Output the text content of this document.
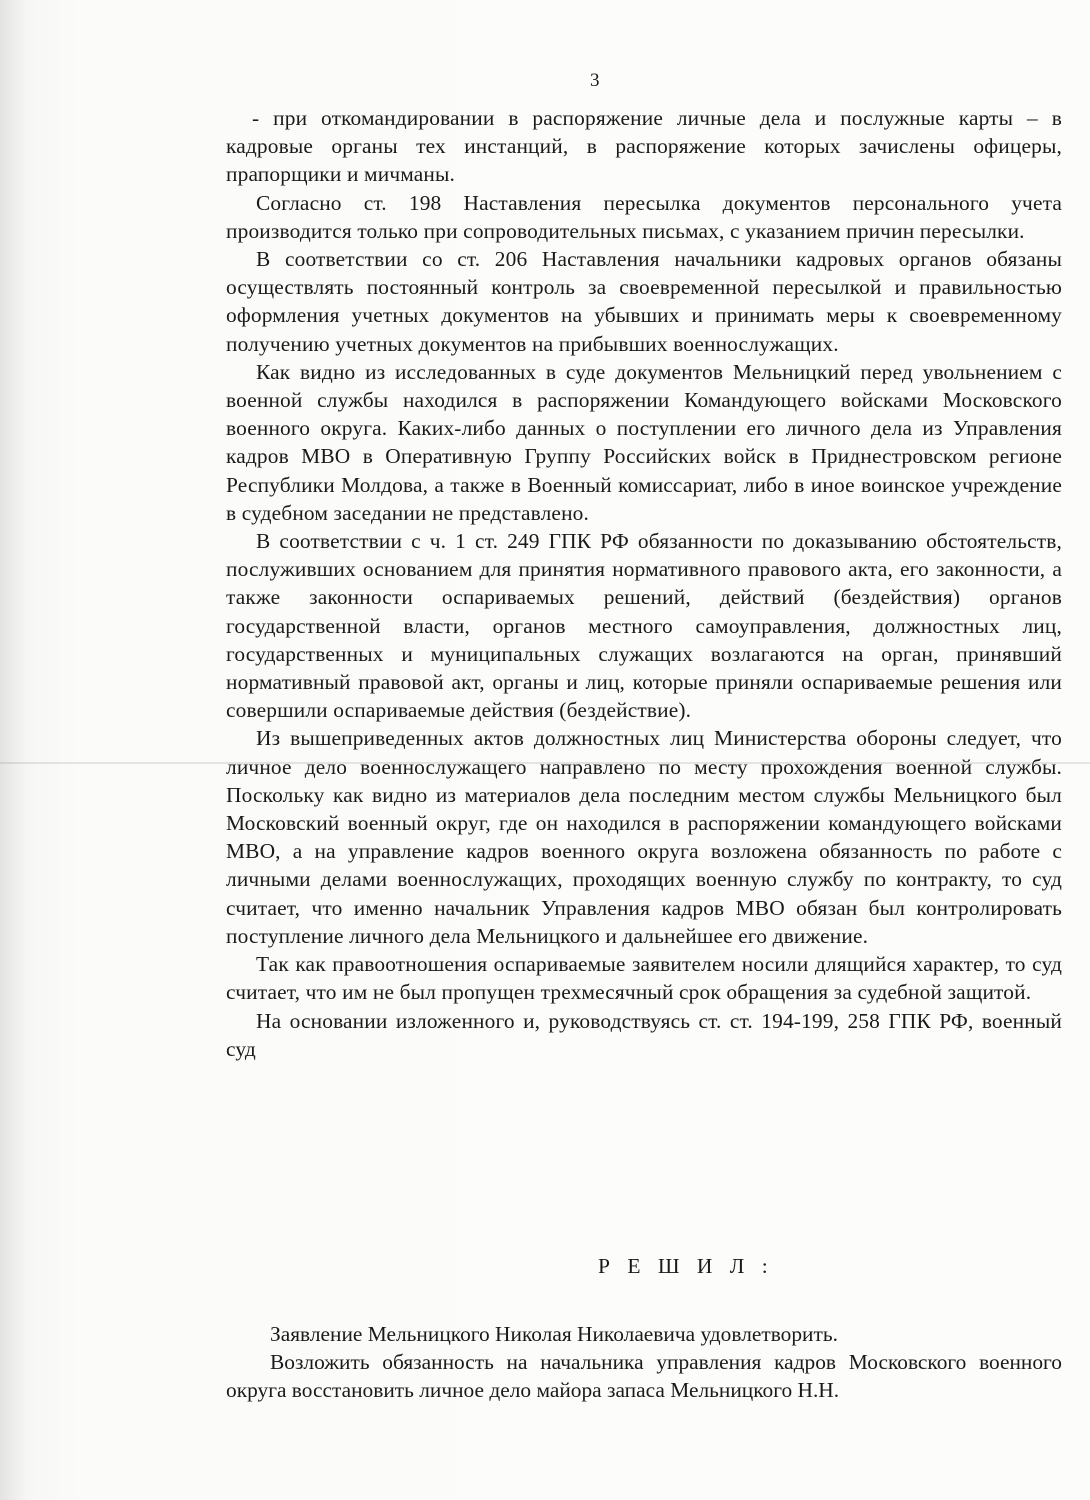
3

- при откомандировании в распоряжение личные дела и послужные карты – в кадровые органы тех инстанций, в распоряжение которых зачислены офицеры, прапорщики и мичманы.

Согласно ст. 198 Наставления пересылка документов персонального учета производится только при сопроводительных письмах, с указанием причин пересылки.

В соответствии со ст. 206 Наставления начальники кадровых органов обязаны осуществлять постоянный контроль за своевременной пересылкой и правильностью оформления учетных документов на убывших и принимать меры к своевременному получению учетных документов на прибывших военнослужащих.

Как видно из исследованных в суде документов Мельницкий перед увольнением с военной службы находился в распоряжении Командующего войсками Московского военного округа. Каких-либо данных о поступлении его личного дела из Управления кадров МВО в Оперативную Группу Российских войск в Приднестровском регионе Республики Молдова, а также в Военный комиссариат, либо в иное воинское учреждение в судебном заседании не представлено.

В соответствии с ч. 1 ст. 249 ГПК РФ обязанности по доказыванию обстоятельств, послуживших основанием для принятия нормативного правового акта, его законности, а также законности оспариваемых решений, действий (бездействия) органов государственной власти, органов местного самоуправления, должностных лиц, государственных и муниципальных служащих возлагаются на орган, принявший нормативный правовой акт, органы и лиц, которые приняли оспариваемые решения или совершили оспариваемые действия (бездействие).

Из вышеприведенных актов должностных лиц Министерства обороны следует, что личное дело военнослужащего направлено по месту прохождения военной службы. Поскольку как видно из материалов дела последним местом службы Мельницкого был Московский военный округ, где он находился в распоряжении командующего войсками МВО, а на управление кадров военного округа возложена обязанность по работе с личными делами военнослужащих, проходящих военную службу по контракту, то суд считает, что именно начальник Управления кадров МВО обязан был контролировать поступление личного дела Мельницкого и дальнейшее его движение.

Так как правоотношения оспариваемые заявителем носили длящийся характер, то суд считает, что им не был пропущен трехмесячный срок обращения за судебной защитой.

На основании изложенного и, руководствуясь ст. ст. 194-199, 258 ГПК РФ, военный суд

Р Е Ш И Л :

Заявление Мельницкого Николая Николаевича удовлетворить.

Возложить обязанность на начальника управления кадров Московского военного округа восстановить личное дело майора запаса Мельницкого Н.Н.
